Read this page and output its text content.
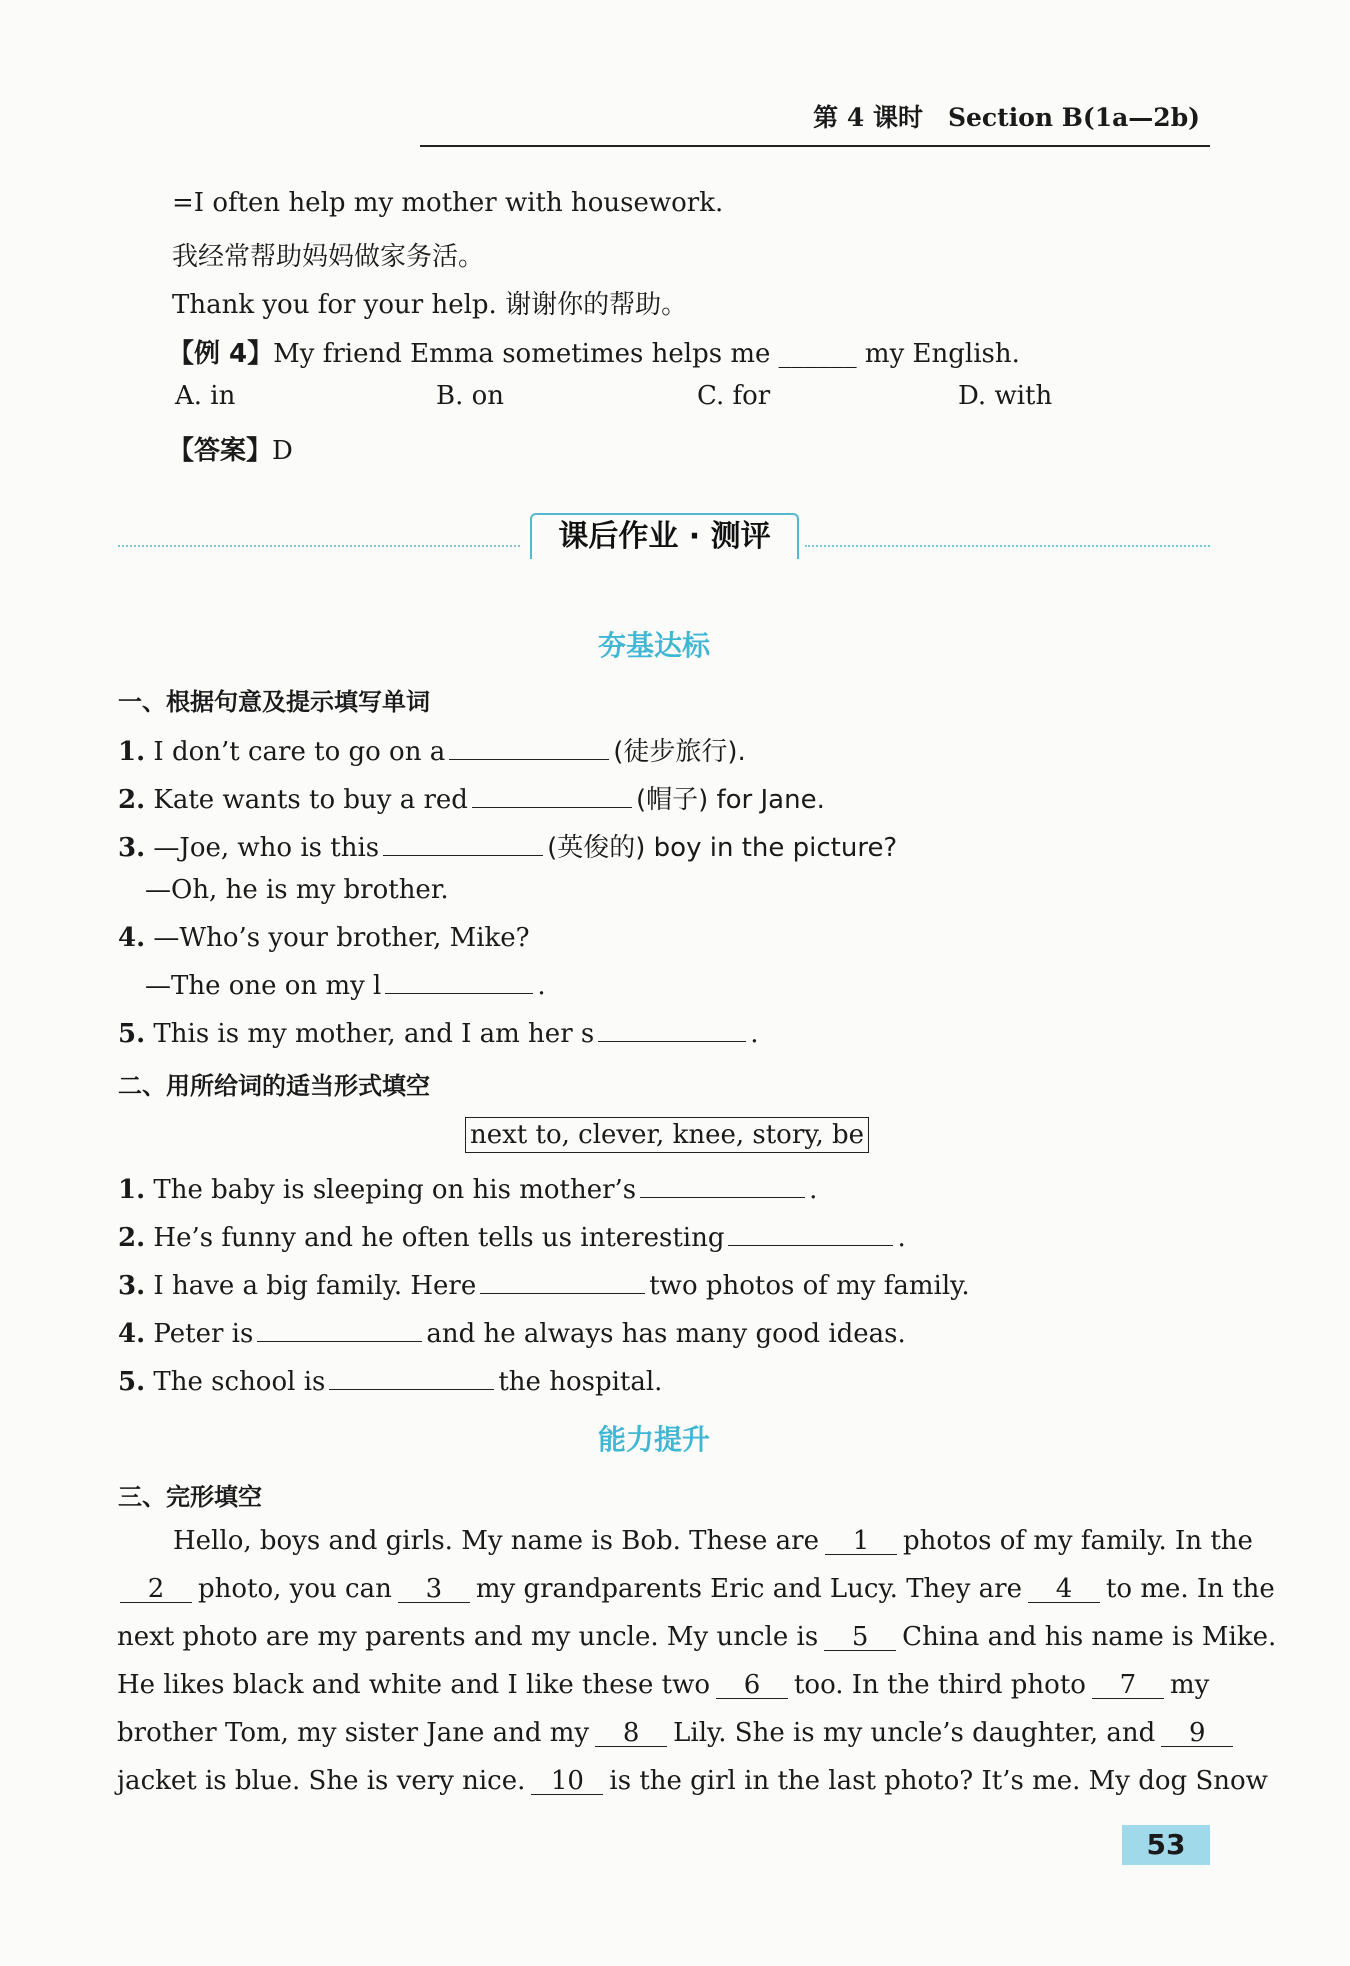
第 4 课时　Section B(1a—2b)
=I often help my mother with housework.
我经常帮助妈妈做家务活。
Thank you for your help. 谢谢你的帮助。
【例 4】My friend Emma sometimes helps me ______ my English.
A. in	B. on	C. for	D. with
【答案】D
课后作业 · 测评
夯基达标
一、根据句意及提示填写单词
1. I don’t care to go on a	(徒步旅行).
2. Kate wants to buy a red	(帽子) for Jane.
3. —Joe, who is this	(英俊的) boy in the picture?
—Oh, he is my brother.
4. —Who’s your brother, Mike?
—The one on my l	.
5. This is my mother, and I am her s	.
二、用所给词的适当形式填空
next to, clever, knee, story, be
1. The baby is sleeping on his mother’s	.
2. He’s funny and he often tells us interesting	.
3. I have a big family. Here	two photos of my family.
4. Peter is	and he always has many good ideas.
5. The school is	the hospital.
能力提升
三、完形填空
Hello, boys and girls. My name is Bob. These are 1 photos of my family. In the
2 photo, you can 3 my grandparents Eric and Lucy. They are 4 to me. In the
next photo are my parents and my uncle. My uncle is 5 China and his name is Mike.
He likes black and white and I like these two 6 too. In the third photo 7 my
brother Tom, my sister Jane and my 8 Lily. She is my uncle’s daughter, and 9
jacket is blue. She is very nice. 10 is the girl in the last photo? It’s me. My dog Snow
53
